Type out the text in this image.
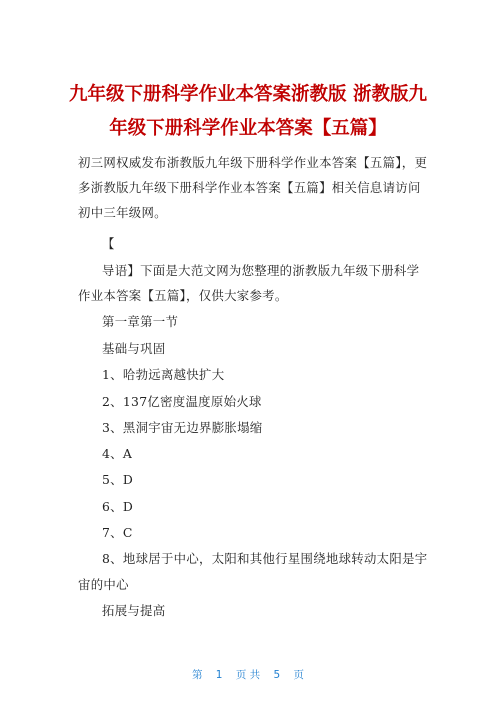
九年级下册科学作业本答案浙教版 浙教版九
年级下册科学作业本答案【五篇】
初三网权威发布浙教版九年级下册科学作业本答案【五篇】，更
多浙教版九年级下册科学作业本答案【五篇】相关信息请访问
初中三年级网。
【
导语】下面是大范文网为您整理的浙教版九年级下册科学
作业本答案【五篇】，仅供大家参考。
第一章第一节
基础与巩固
1、哈勃远离越快扩大
2、137亿密度温度原始火球
3、黑洞宇宙无边界膨胀塌缩
4、A
5、D
6、D
7、C
8、地球居于中心，太阳和其他行星围绕地球转动太阳是宇
宙的中心
拓展与提高
第 1 页 共 5 页
